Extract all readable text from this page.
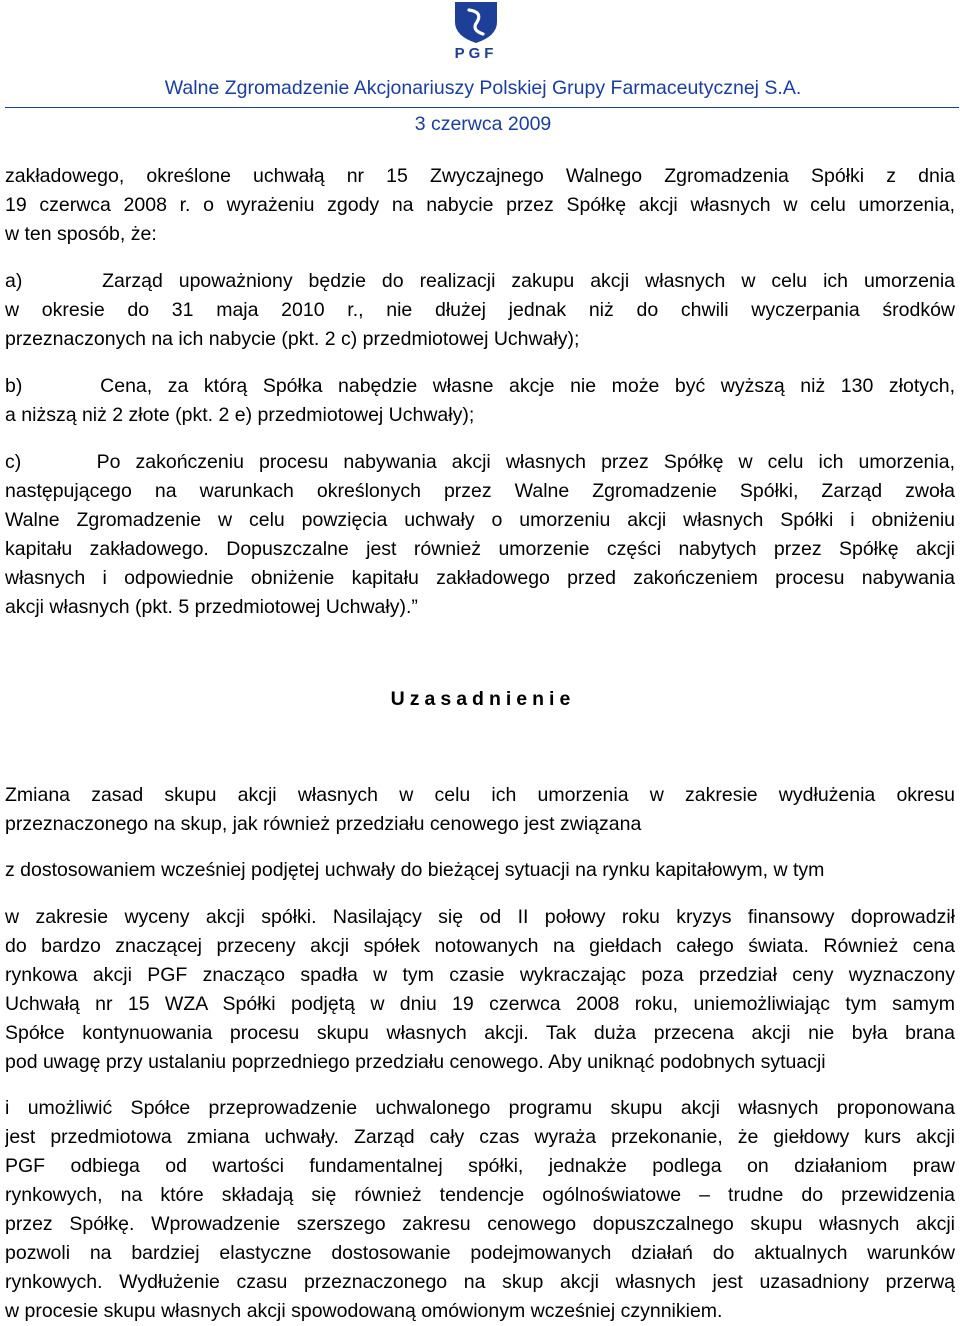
PGF
Walne Zgromadzenie Akcjonariuszy Polskiej Grupy Farmaceutycznej S.A.
3 czerwca 2009
zakładowego, określone uchwałą nr 15 Zwyczajnego Walnego Zgromadzenia Spółki z dnia
19 czerwca 2008 r. o wyrażeniu zgody na nabycie przez Spółkę akcji własnych w celu umorzenia,
w ten sposób, że:
a)     Zarząd upoważniony będzie do realizacji zakupu akcji własnych w celu ich umorzenia
w okresie do 31 maja 2010 r., nie dłużej jednak niż do chwili wyczerpania środków
przeznaczonych na ich nabycie (pkt. 2 c) przedmiotowej Uchwały);
b)     Cena, za którą Spółka nabędzie własne akcje nie może być wyższą niż 130 złotych,
a niższą niż 2 złote (pkt. 2 e) przedmiotowej Uchwały);
c)     Po zakończeniu procesu nabywania akcji własnych przez Spółkę w celu ich umorzenia,
następującego na warunkach określonych przez Walne Zgromadzenie Spółki, Zarząd zwoła
Walne Zgromadzenie w celu powzięcia uchwały o umorzeniu akcji własnych Spółki i obniżeniu
kapitału zakładowego. Dopuszczalne jest również umorzenie części nabytych przez Spółkę akcji
własnych i odpowiednie obniżenie kapitału zakładowego przed zakończeniem procesu nabywania
akcji własnych (pkt. 5 przedmiotowej Uchwały).”
Uzasadnienie
Zmiana zasad skupu akcji własnych w celu ich umorzenia w zakresie wydłużenia okresu
przeznaczonego na skup, jak również przedziału cenowego jest związana
z dostosowaniem wcześniej podjętej uchwały do bieżącej sytuacji na rynku kapitałowym, w tym
w zakresie wyceny akcji spółki. Nasilający się od II połowy roku kryzys finansowy doprowadził
do bardzo znaczącej przeceny akcji spółek notowanych na giełdach całego świata. Również cena
rynkowa akcji PGF znacząco spadła w tym czasie wykraczając poza przedział ceny wyznaczony
Uchwałą nr 15 WZA Spółki podjętą w dniu 19 czerwca 2008 roku, uniemożliwiając tym samym
Spółce kontynuowania procesu skupu własnych akcji. Tak duża przecena akcji nie była brana
pod uwagę przy ustalaniu poprzedniego przedziału cenowego. Aby uniknąć podobnych sytuacji
i umożliwić Spółce przeprowadzenie uchwalonego programu skupu akcji własnych proponowana
jest przedmiotowa zmiana uchwały. Zarząd cały czas wyraża przekonanie, że giełdowy kurs akcji
PGF odbiega od wartości fundamentalnej spółki, jednakże podlega on działaniom praw
rynkowych, na które składają się również tendencje ogólnoświatowe – trudne do przewidzenia
przez Spółkę. Wprowadzenie szerszego zakresu cenowego dopuszczalnego skupu własnych akcji
pozwoli na bardziej elastyczne dostosowanie podejmowanych działań do aktualnych warunków
rynkowych. Wydłużenie czasu przeznaczonego na skup akcji własnych jest uzasadniony przerwą
w procesie skupu własnych akcji spowodowaną omówionym wcześniej czynnikiem.
